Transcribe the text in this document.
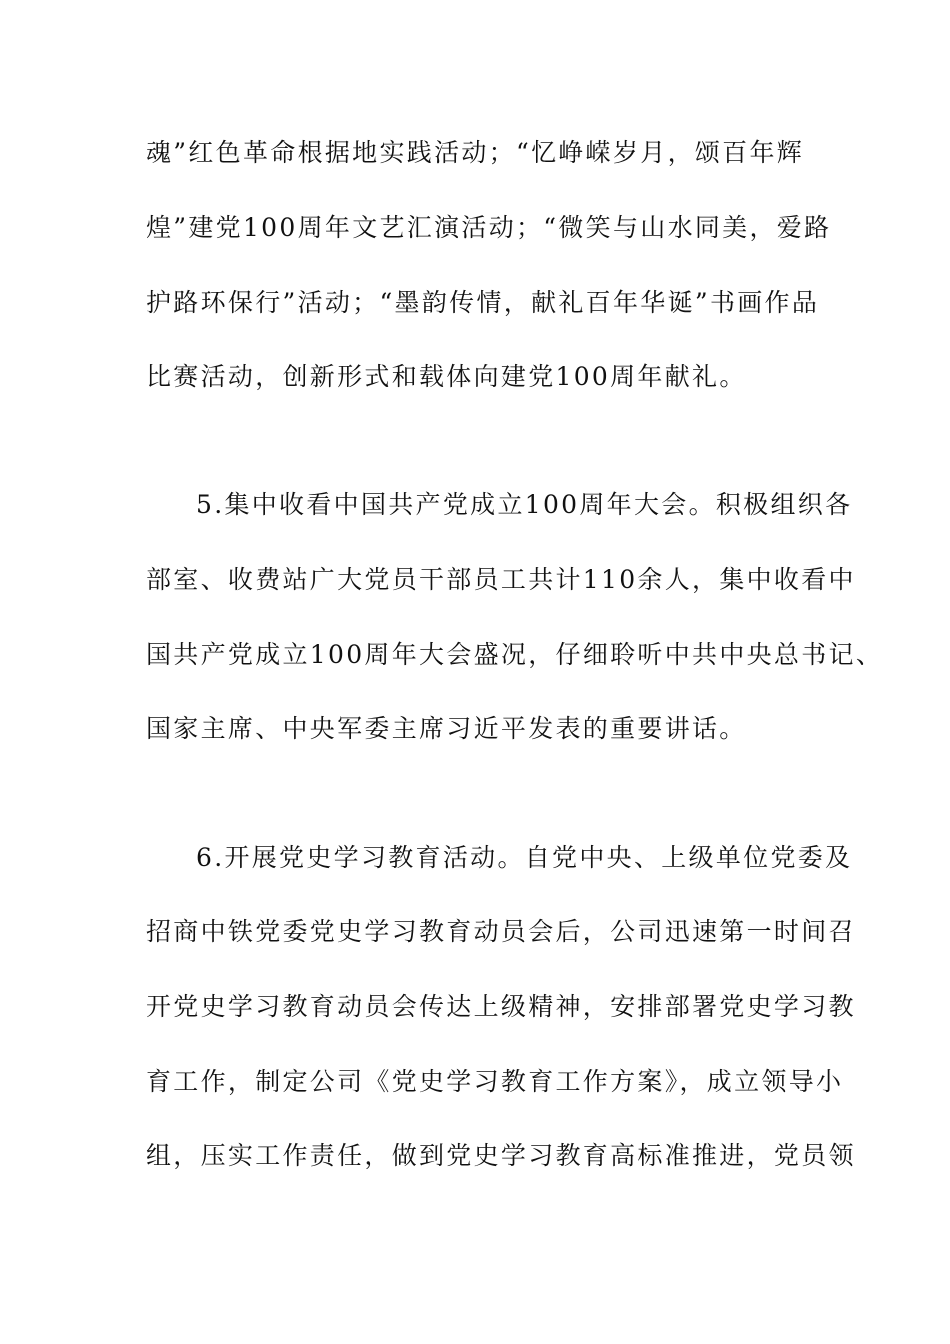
魂”红色革命根据地实践活动；“忆峥嵘岁月，颂百年辉
煌”建党100周年文艺汇演活动；“微笑与山水同美，爱路
护路环保行”活动；“墨韵传情，献礼百年华诞”书画作品
比赛活动，创新形式和载体向建党100周年献礼。
5.集中收看中国共产党成立100周年大会。积极组织各
部室、收费站广大党员干部员工共计110余人，集中收看中
国共产党成立100周年大会盛况，仔细聆听中共中央总书记、
国家主席、中央军委主席习近平发表的重要讲话。
6.开展党史学习教育活动。自党中央、上级单位党委及
招商中铁党委党史学习教育动员会后，公司迅速第一时间召
开党史学习教育动员会传达上级精神，安排部署党史学习教
育工作，制定公司《党史学习教育工作方案》，成立领导小
组，压实工作责任，做到党史学习教育高标准推进，党员领
